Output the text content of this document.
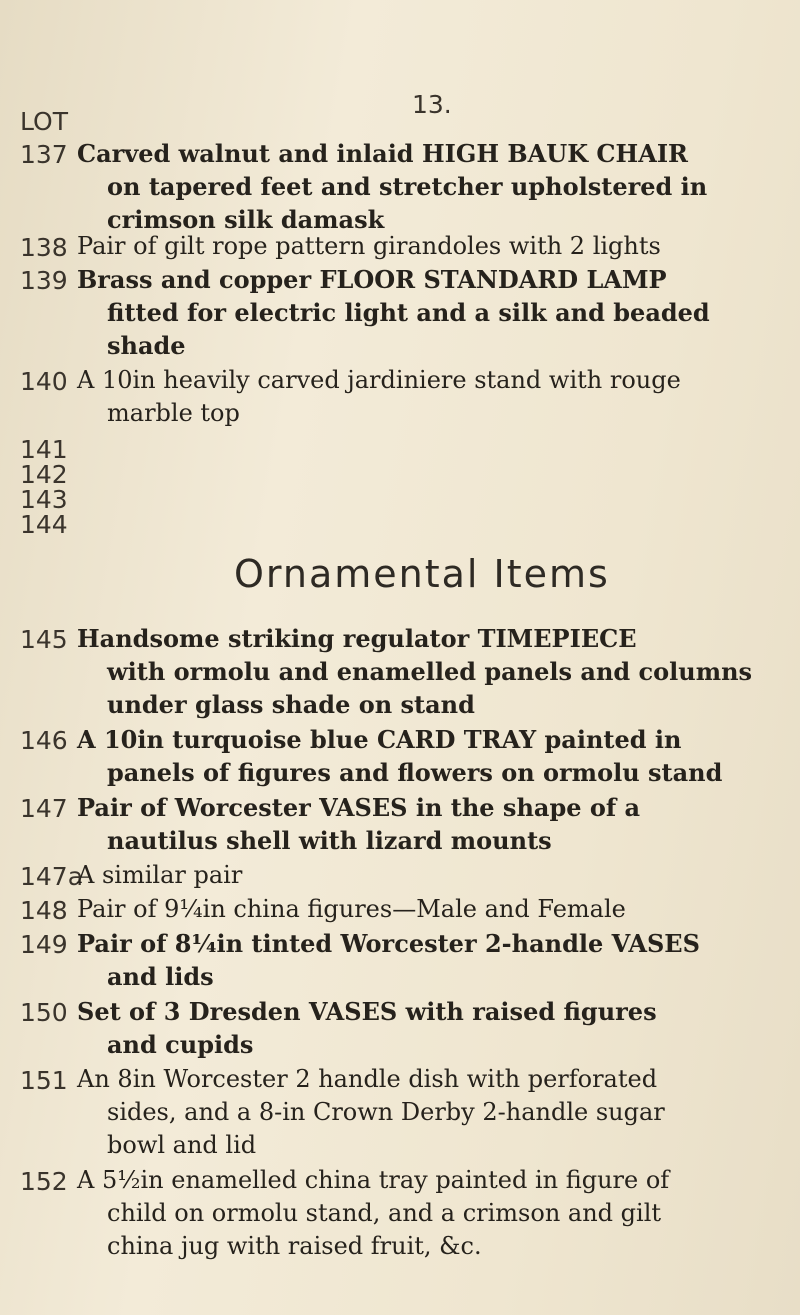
13.
LOT
137 Carved walnut and inlaid HIGH BAUK CHAIR
on tapered feet and stretcher upholstered in
crimson silk damask
138 Pair of gilt rope pattern girandoles with 2 lights
139 Brass and copper FLOOR STANDARD LAMP
fitted for electric light and a silk and beaded
shade
140 A 10in heavily carved jardiniere stand with rouge
marble top
141
142
143
144
Ornamental Items
145 Handsome striking regulator TIMEPIECE
with ormolu and enamelled panels and columns
under glass shade on stand
146 A 10in turquoise blue CARD TRAY painted in
panels of figures and flowers on ormolu stand
147 Pair of Worcester VASES in the shape of a
nautilus shell with lizard mounts
147a
A similar pair
148 Pair of 9¼in china figures—Male and Female
149 Pair of 8¼in tinted Worcester 2-handle VASES
and lids
150 Set of 3 Dresden VASES with raised figures
and cupids
151 An 8in Worcester 2 handle dish with perforated
sides, and a 8-in Crown Derby 2-handle sugar
bowl and lid
152 A 5½in enamelled china tray painted in figure of
child on ormolu stand, and a crimson and gilt
china jug with raised fruit, &c.
